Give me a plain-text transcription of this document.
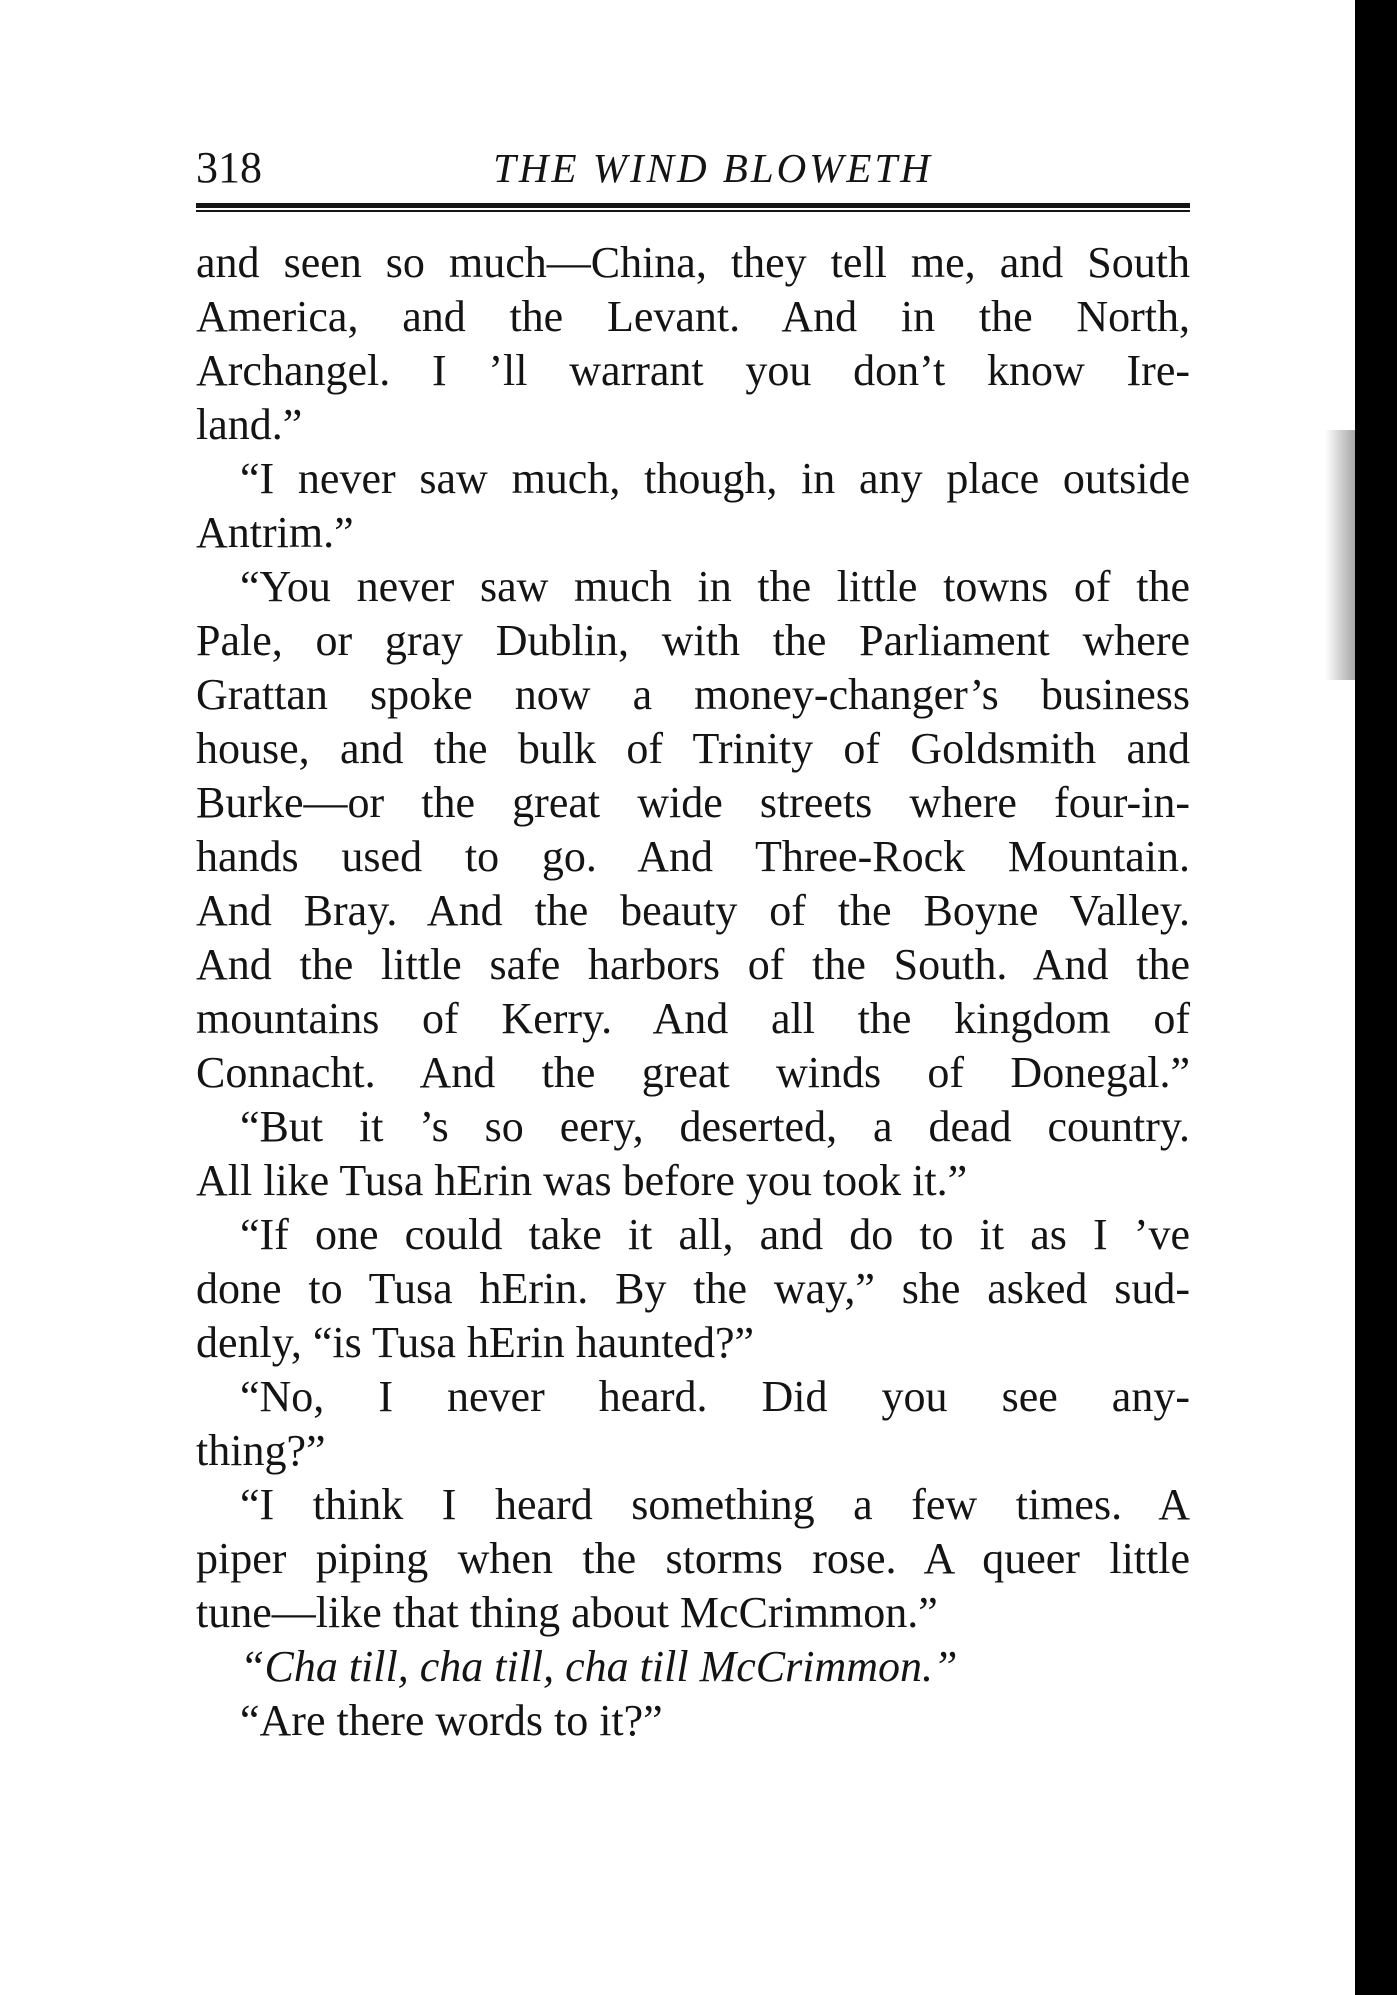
318	THE WIND BLOWETH
and seen so much—China, they tell me, and South
America, and the Levant. And in the North,
Archangel. I ’ll warrant you don’t know Ire-
land.”
“I never saw much, though, in any place outside
Antrim.”
“You never saw much in the little towns of the
Pale, or gray Dublin, with the Parliament where
Grattan spoke now a money-changer’s business
house, and the bulk of Trinity of Goldsmith and
Burke—or the great wide streets where four-in-
hands used to go. And Three-Rock Mountain.
And Bray. And the beauty of the Boyne Valley.
And the little safe harbors of the South. And the
mountains of Kerry. And all the kingdom of
Connacht. And the great winds of Donegal.”
“But it ’s so eery, deserted, a dead country.
All like Tusa hErin was before you took it.”
“If one could take it all, and do to it as I ’ve
done to Tusa hErin. By the way,” she asked sud-
denly, “is Tusa hErin haunted?”
“No, I never heard. Did you see any-
thing?”
“I think I heard something a few times. A
piper piping when the storms rose. A queer little
tune—like that thing about McCrimmon.”
“Cha till, cha till, cha till McCrimmon.”
“Are there words to it?”
